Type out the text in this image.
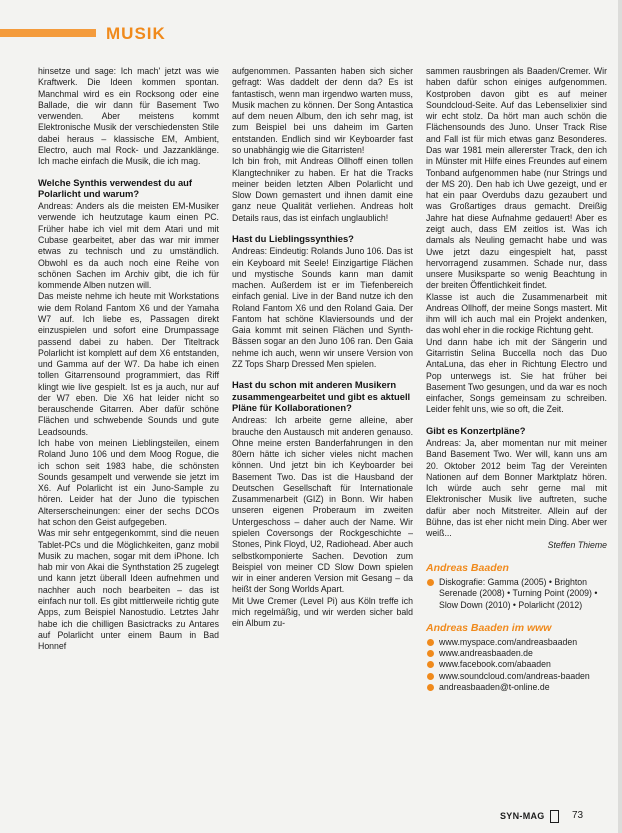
MUSIK

hinsetze und sage: Ich mach' jetzt was wie Kraftwerk. Die Ideen kommen spontan. Manchmal wird es ein Rocksong oder eine Ballade, die wir dann für Basement Two verwenden. Aber meistens kommt Elektronische Musik der verschiedensten Stile dabei heraus – klassische EM, Ambient, Electro, auch mal Rock- und Jazzanklänge. Ich mache einfach die Musik, die ich mag.

Welche Synthis verwendest du auf Polarlicht und warum?

Andreas: Anders als die meisten EM-Musiker verwende ich heutzutage kaum einen PC. Früher habe ich viel mit dem Atari und mit Cubase gearbeitet, aber das war mir immer etwas zu technisch und zu umständlich. Obwohl es da auch noch eine Reihe von schönen Sachen im Archiv gibt, die ich für kommende Alben nutzen will.

Das meiste nehme ich heute mit Workstations wie dem Roland Fantom X6 und der Yamaha W7 auf. Ich liebe es, Passagen direkt einzuspielen und sofort eine Drumpassage passend dabei zu haben. Der Titeltrack Polarlicht ist komplett auf dem X6 entstanden, und Gamma auf der W7. Da habe ich einen tollen Gitarrensound programmiert, das Riff klingt wie live gespielt. Ist es ja auch, nur auf der W7 eben. Die X6 hat leider nicht so berauschende Gitarren. Aber dafür schöne Flächen und schwebende Sounds und gute Leadsounds.

Ich habe von meinen Lieblingsteilen, einem Roland Juno 106 und dem Moog Rogue, die ich schon seit 1983 habe, die schönsten Sounds gesampelt und verwende sie jetzt im X6. Auf Polarlicht ist ein Juno-Sample zu hören. Leider hat der Juno die typischen Alterserscheinungen: einer der sechs DCOs hat schon den Geist aufgegeben.

Was mir sehr entgegenkommt, sind die neuen Tablet-PCs und die Möglichkeiten, ganz mobil Musik zu machen, sogar mit dem iPhone. Ich hab mir von Akai die Synthstation 25 zugelegt und kann jetzt überall Ideen aufnehmen und nachher auch noch bearbeiten – das ist einfach nur toll. Es gibt mittlerweile richtig gute Apps, zum Beispiel Nanostudio. Letztes Jahr habe ich die chilligen Basictracks zu Antares auf Polarlicht unter einem Baum in Bad Honnef

aufgenommen. Passanten haben sich sicher gefragt: Was daddelt der denn da? Es ist fantastisch, wenn man irgendwo warten muss, Musik machen zu können. Der Song Antastica auf dem neuen Album, den ich sehr mag, ist zum Beispiel bei uns daheim im Garten entstanden. Endlich sind wir Keyboarder fast so unabhängig wie die Gitarristen!

Ich bin froh, mit Andreas Ollhoff einen tollen Klangtechniker zu haben. Er hat die Tracks meiner beiden letzten Alben Polarlicht und Slow Down gemastert und ihnen damit eine ganz neue Qualität verliehen. Andreas holt Details raus, das ist einfach unglaublich!

Hast du Lieblingssynthies?

Andreas: Eindeutig: Rolands Juno 106. Das ist ein Keyboard mit Seele! Einzigartige Flächen und mystische Sounds kann man damit machen. Außerdem ist er im Tiefenbereich einfach genial. Live in der Band nutze ich den Roland Fantom X6 und den Roland Gaia. Der Fantom hat schöne Klaviersounds und der Gaia kommt mit seinen Flächen und Synth-Bässen sogar an den Juno 106 ran. Den Gaia nehme ich auch, wenn wir unsere Version von ZZ Tops Sharp Dressed Men spielen.

Hast du schon mit anderen Musikern zusammengearbeitet und gibt es aktuell Pläne für Kollaborationen?

Andreas: Ich arbeite gerne alleine, aber brauche den Austausch mit anderen genauso. Ohne meine ersten Banderfahrungen in den 80ern hätte ich sicher vieles nicht machen können. Und jetzt bin ich Keyboarder bei Basement Two. Das ist die Hausband der Deutschen Gesellschaft für Internationale Zusammenarbeit (GIZ) in Bonn. Wir haben unseren eigenen Proberaum im zweiten Untergeschoss – daher auch der Name. Wir spielen Coversongs der Rockgeschichte – Stones, Pink Floyd, U2, Radiohead. Aber auch selbstkomponierte Sachen. Devotion zum Beispiel von meiner CD Slow Down spielen wir in einer anderen Version mit Gesang – da heißt der Song Worlds Apart.

Mit Uwe Cremer (Level Pi) aus Köln treffe ich mich regelmäßig, und wir werden sicher bald ein Album zu-

sammen rausbringen als Baaden/Cremer. Wir haben dafür schon einiges aufgenommen. Kostproben davon gibt es auf meiner Soundcloud-Seite. Auf das Lebenselixier sind wir echt stolz. Da hört man auch schön die Flächensounds des Juno. Unser Track Rise and Fall ist für mich etwas ganz Besonderes. Das war 1981 mein allererster Track, den ich in Münster mit Hilfe eines Freundes auf einem Tonband aufgenommen habe (nur Strings und der MS 20). Den hab ich Uwe gezeigt, und er hat ein paar Overdubs dazu gezaubert und was Großartiges draus gemacht. Dreißig Jahre hat diese Aufnahme gedauert! Aber es zeigt auch, dass EM zeitlos ist. Was ich damals als Neuling gemacht habe und was Uwe jetzt dazu eingespielt hat, passt hervorragend zusammen. Schade nur, dass unsere Musiksparte so wenig Beachtung in der breiten Öffentlichkeit findet.

Klasse ist auch die Zusammenarbeit mit Andreas Ollhoff, der meine Songs mastert. Mit ihm will ich auch mal ein Projekt andenken, das wohl eher in die rockige Richtung geht.

Und dann habe ich mit der Sängerin und Gitarristin Selina Buccella noch das Duo AntaLuna, das eher in Richtung Electro und Pop unterwegs ist. Sie hat früher bei Basement Two gesungen, und da war es noch einfacher, Songs gemeinsam zu schreiben. Leider fehlt uns, wie so oft, die Zeit.

Gibt es Konzertpläne?

Andreas: Ja, aber momentan nur mit meiner Band Basement Two. Wer will, kann uns am 20. Oktober 2012 beim Tag der Vereinten Nationen auf dem Bonner Marktplatz hören. Ich würde auch sehr gerne mal mit Elektronischer Musik live auftreten, suche dafür aber noch Mitstreiter. Allein auf der Bühne, das ist eher nicht mein Ding. Aber wer weiß...

Steffen Thieme

Andreas Baaden
Diskografie: Gamma (2005) • Brighton Serenade (2008) • Turning Point (2009) • Slow Down (2010) • Polarlicht (2012)
Andreas Baaden im www
www.myspace.com/andreasbaaden
www.andreasbaaden.de
www.facebook.com/abaaden
www.soundcloud.com/andreas-baaden
andreasbaaden@t-online.de
SYN-MAG	73
